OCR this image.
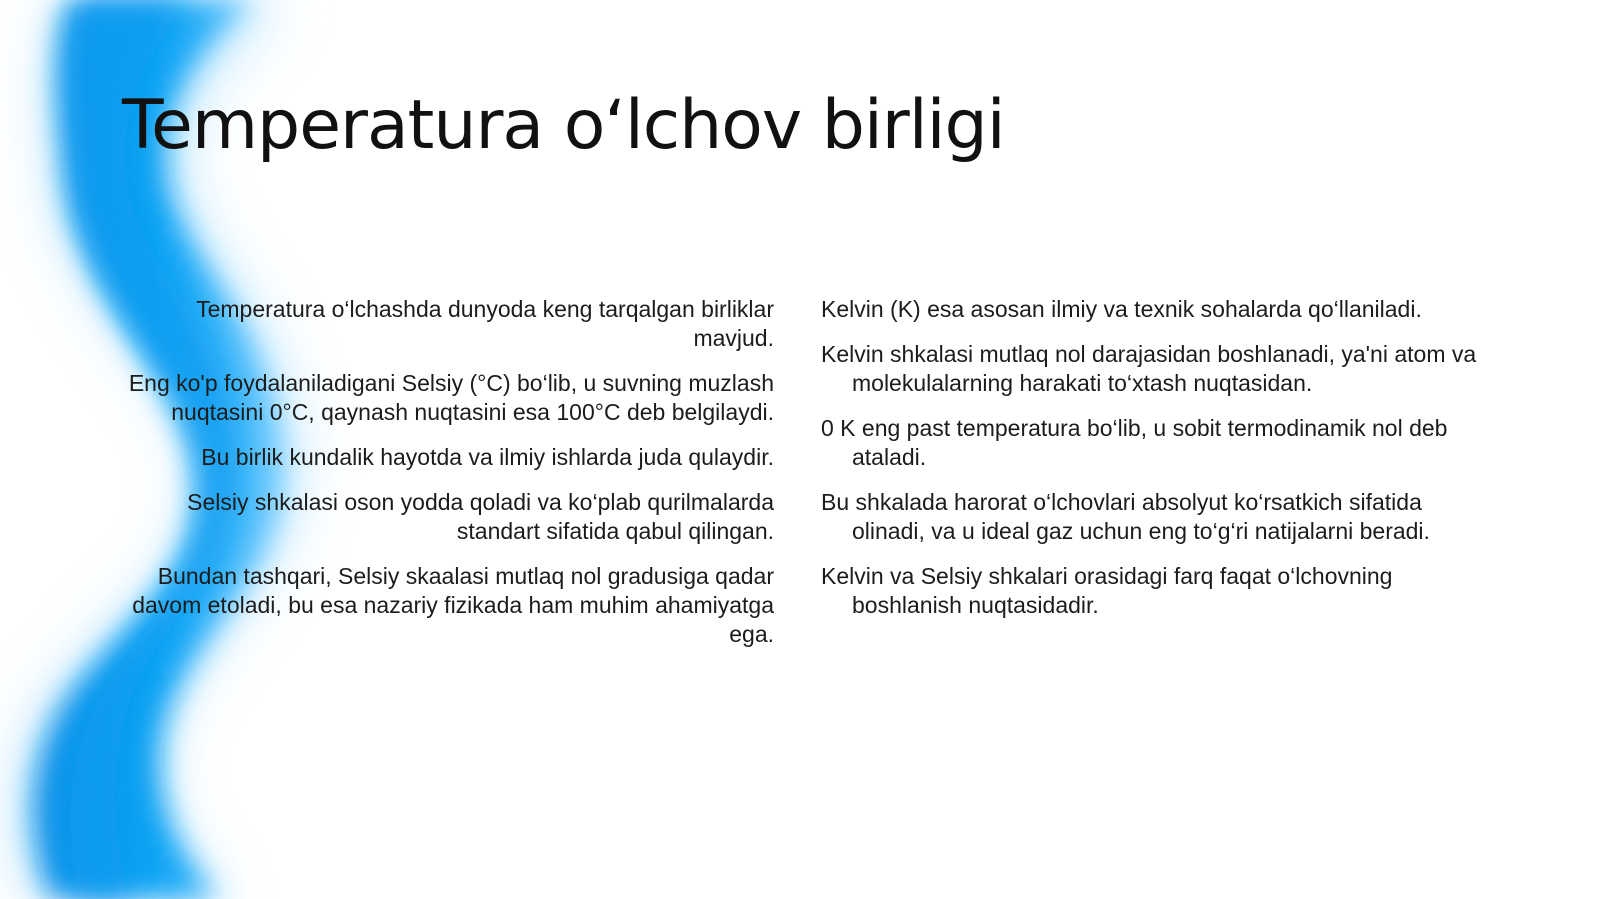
Temperatura o‘lchov birligi

Temperatura o‘lchashda dunyoda keng tarqalgan birliklar mavjud.

Eng ko'p foydalaniladigani Selsiy (°C) bo‘lib, u suvning muzlash nuqtasini 0°C, qaynash nuqtasini esa 100°C deb belgilaydi.

Bu birlik kundalik hayotda va ilmiy ishlarda juda qulaydir.

Selsiy shkalasi oson yodda qoladi va ko‘plab qurilmalarda standart sifatida qabul qilingan.

Bundan tashqari, Selsiy skaalasi mutlaq nol gradusiga qadar davom etoladi, bu esa nazariy fizikada ham muhim ahamiyatga ega.

Kelvin (K) esa asosan ilmiy va texnik sohalarda qo‘llaniladi.

Kelvin shkalasi mutlaq nol darajasidan boshlanadi, ya'ni atom va molekulalarning harakati to‘xtash nuqtasidan.

0 K eng past temperatura bo‘lib, u sobit termodinamik nol deb ataladi.

Bu shkalada harorat o‘lchovlari absolyut ko‘rsatkich sifatida olinadi, va u ideal gaz uchun eng to‘g‘ri natijalarni beradi.

Kelvin va Selsiy shkalari orasidagi farq faqat o‘lchovning boshlanish nuqtasidadir.
